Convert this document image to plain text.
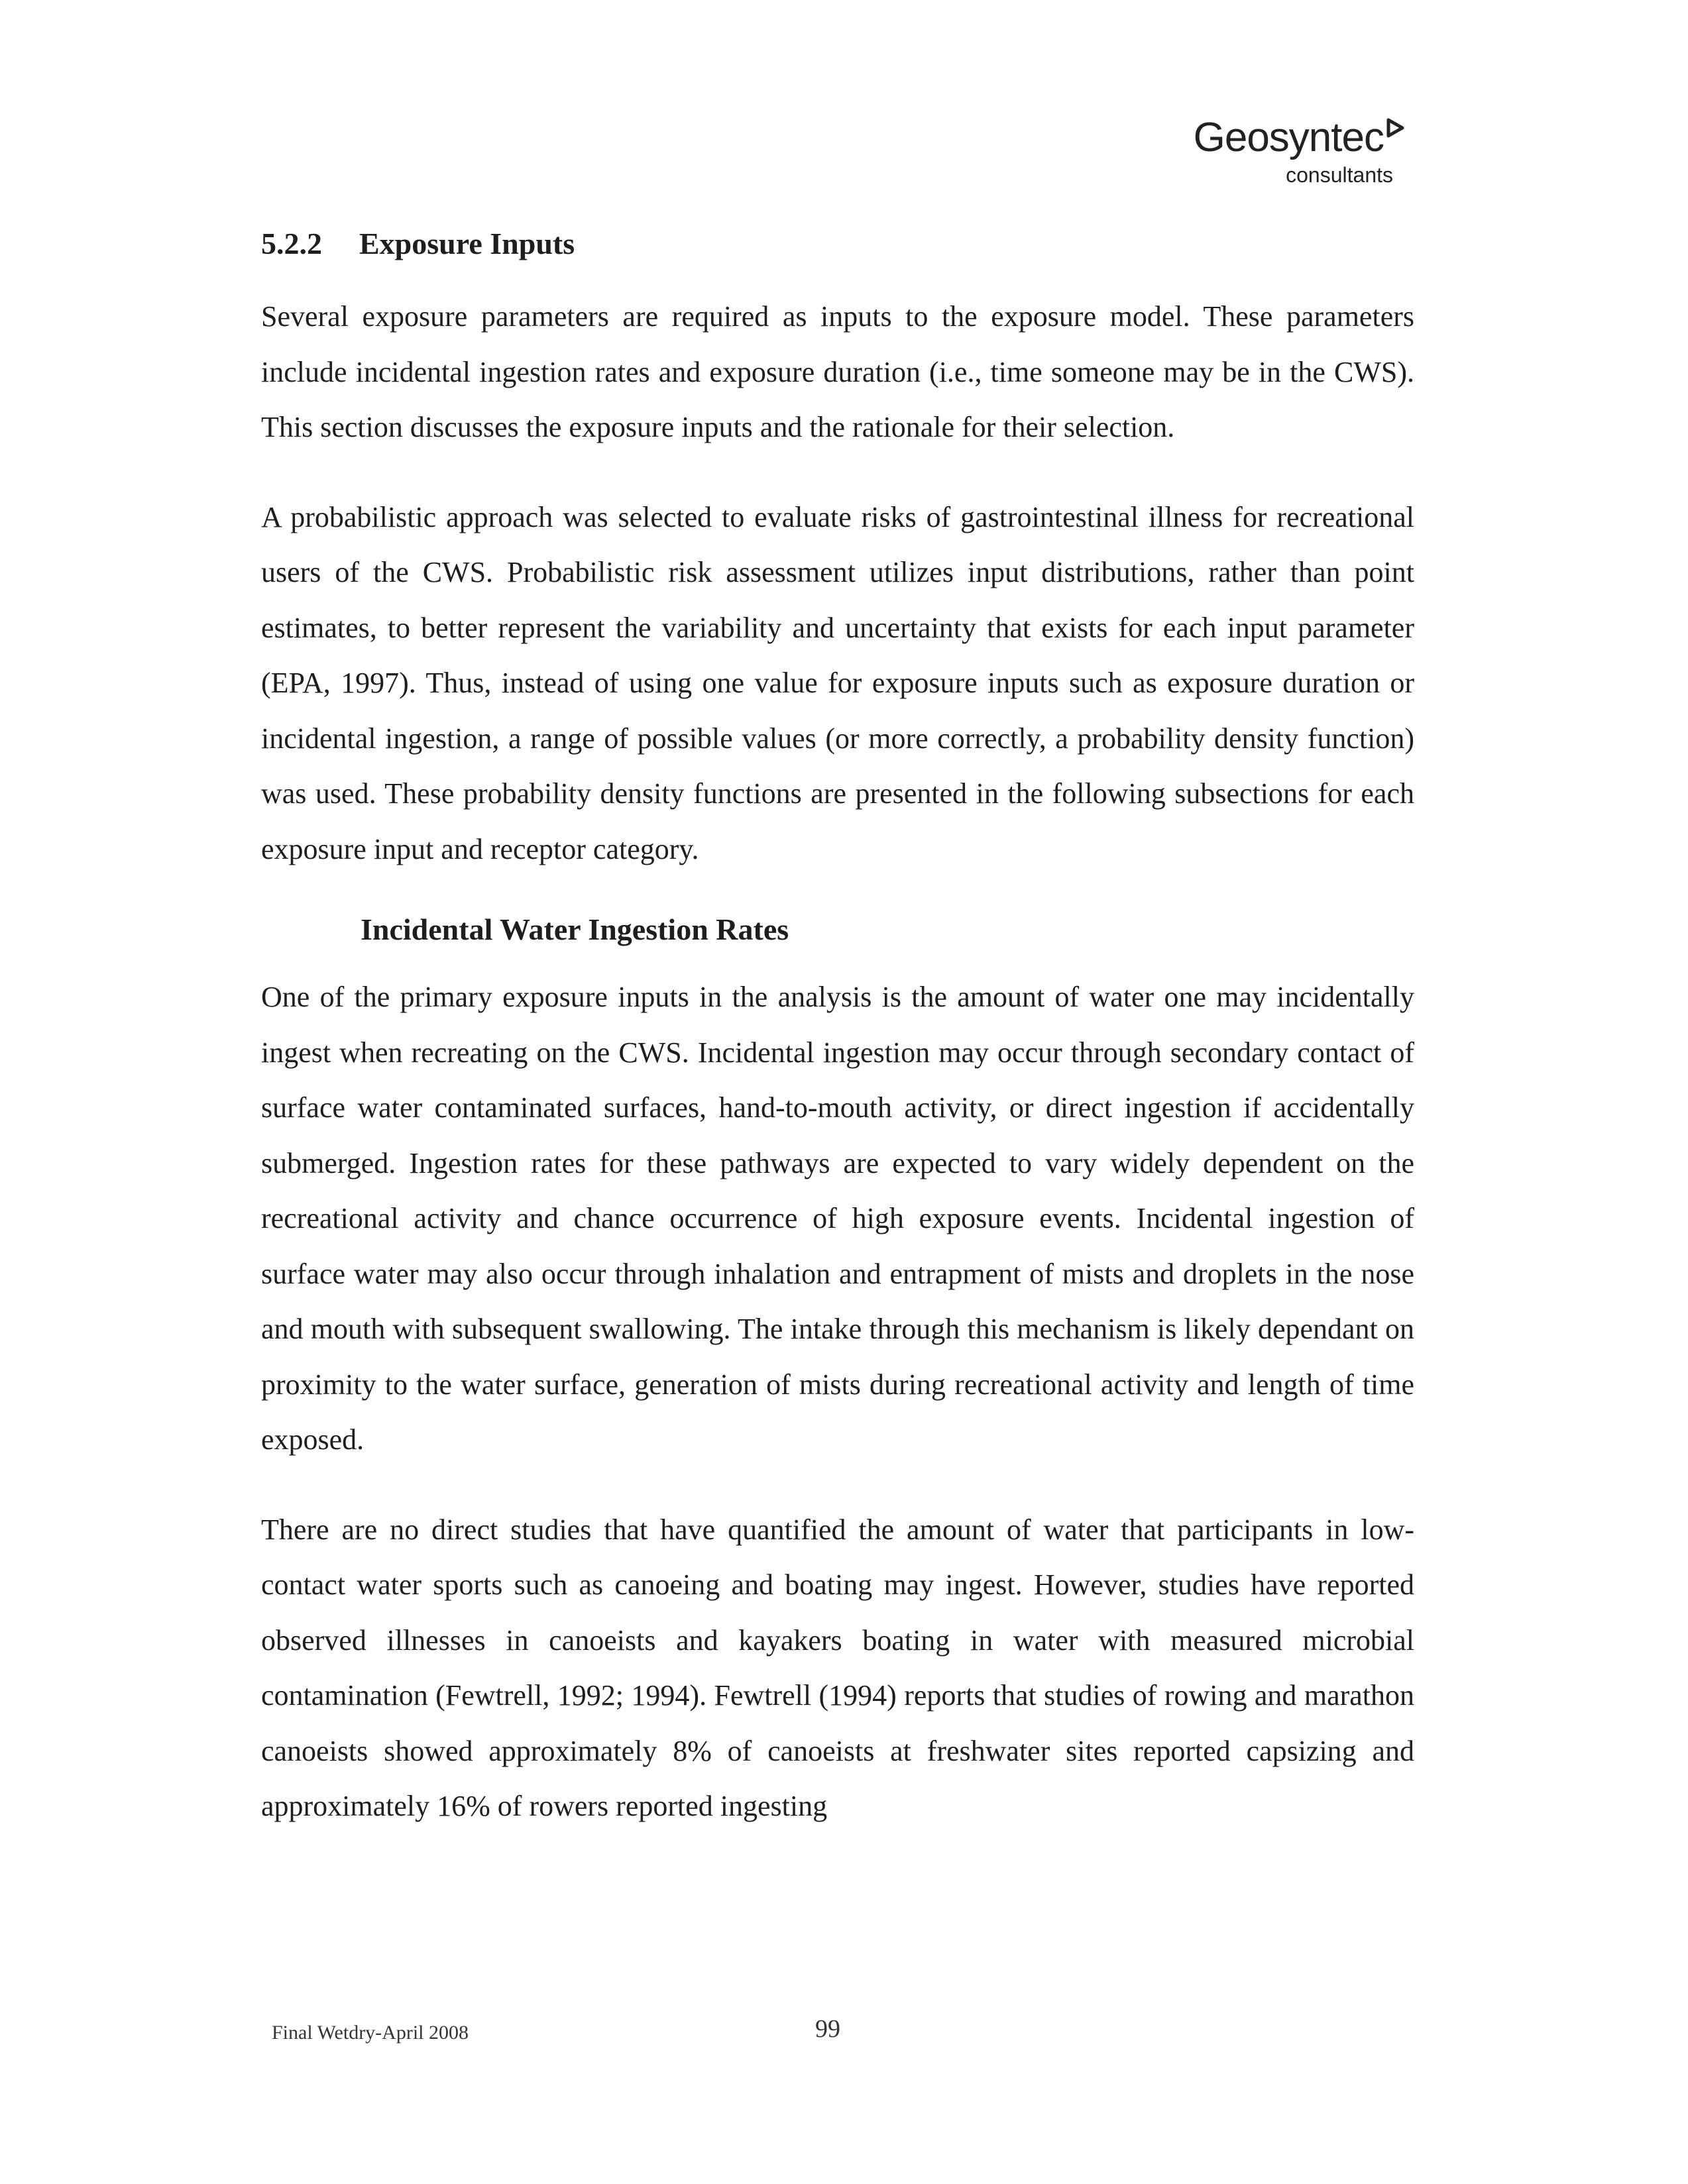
Geosyntec
consultants
5.2.2 Exposure Inputs

Several exposure parameters are required as inputs to the exposure model. These parameters include incidental ingestion rates and exposure duration (i.e., time someone may be in the CWS). This section discusses the exposure inputs and the rationale for their selection.

A probabilistic approach was selected to evaluate risks of gastrointestinal illness for recreational users of the CWS. Probabilistic risk assessment utilizes input distributions, rather than point estimates, to better represent the variability and uncertainty that exists for each input parameter (EPA, 1997). Thus, instead of using one value for exposure inputs such as exposure duration or incidental ingestion, a range of possible values (or more correctly, a probability density function) was used. These probability density functions are presented in the following subsections for each exposure input and receptor category.

Incidental Water Ingestion Rates

One of the primary exposure inputs in the analysis is the amount of water one may incidentally ingest when recreating on the CWS. Incidental ingestion may occur through secondary contact of surface water contaminated surfaces, hand-to-mouth activity, or direct ingestion if accidentally submerged. Ingestion rates for these pathways are expected to vary widely dependent on the recreational activity and chance occurrence of high exposure events. Incidental ingestion of surface water may also occur through inhalation and entrapment of mists and droplets in the nose and mouth with subsequent swallowing. The intake through this mechanism is likely dependant on proximity to the water surface, generation of mists during recreational activity and length of time exposed.

There are no direct studies that have quantified the amount of water that participants in low-contact water sports such as canoeing and boating may ingest. However, studies have reported observed illnesses in canoeists and kayakers boating in water with measured microbial contamination (Fewtrell, 1992; 1994). Fewtrell (1994) reports that studies of rowing and marathon canoeists showed approximately 8% of canoeists at freshwater sites reported capsizing and approximately 16% of rowers reported ingesting

Final Wetdry-April 2008	99
